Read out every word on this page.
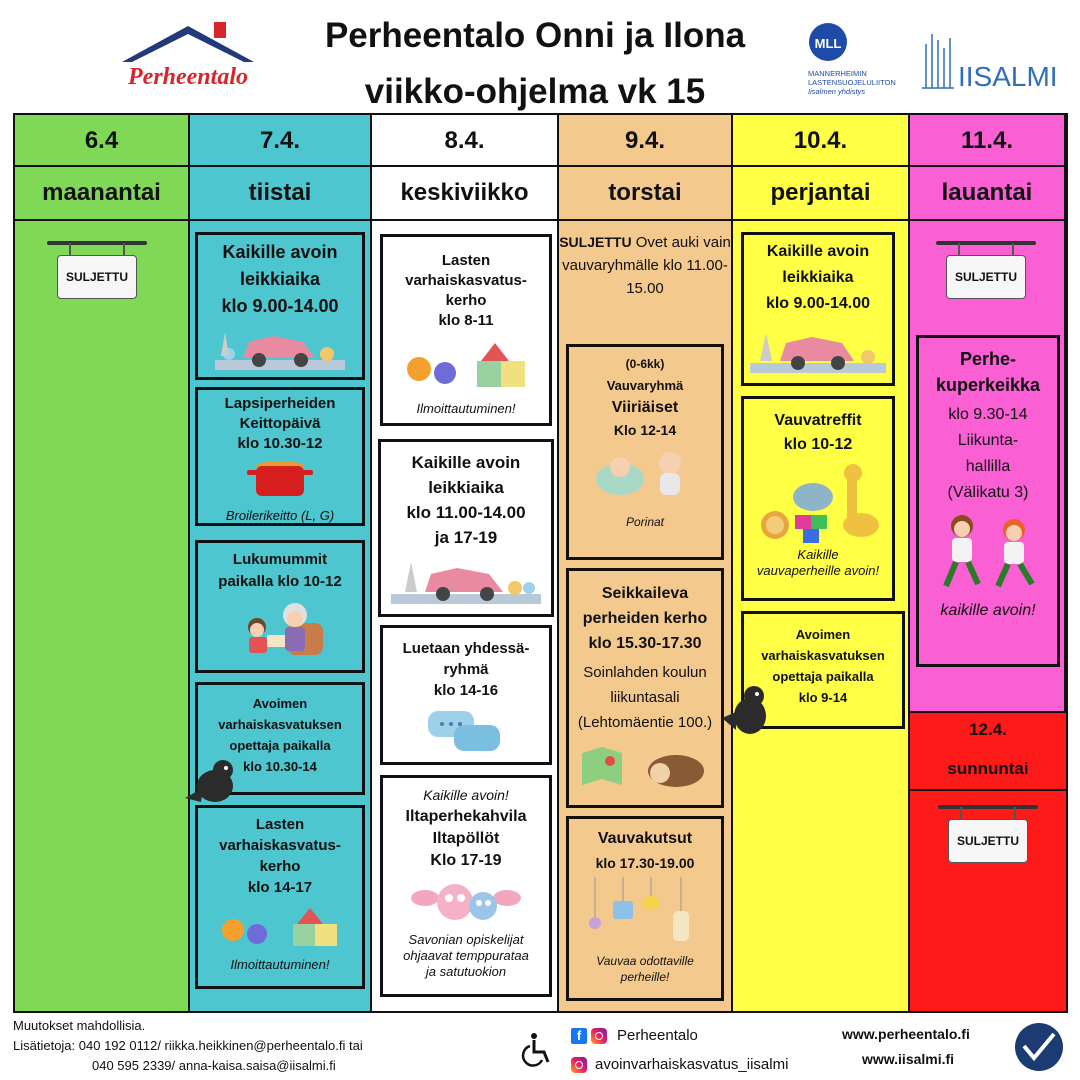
Perheentalo
Perheentalo Onni ja Ilona
viikko-ohjelma vk 15
MLL
MANNERHEIMIN
LASTENSUOJELULIITON
Iisalmen yhdistys	IISALMI
6.4
maanantai
SULJETTU
7.4.
tiistai
Kaikille avoin
leikkiaika
klo 9.00-14.00
Lapsiperheiden
Keittopäivä
klo 10.30-12
Broilerikeitto (L, G)
Lukumummit
paikalla klo 10-12
Avoimen
varhaiskasvatuksen
opettaja paikalla
klo 10.30-14
Lasten
varhaiskasvatus-
kerho
klo 14-17
Ilmoittautuminen!
8.4.
keskiviikko
Lasten
varhaiskasvatus-
kerho
klo 8-11
Ilmoittautuminen!
Kaikille avoin
leikkiaika
klo 11.00-14.00
ja 17-19
Luetaan yhdessä-
ryhmä
klo 14-16
Kaikille avoin!
Iltaperhekahvila
Iltapöllöt
Klo 17-19
Savonian opiskelijat
ohjaavat temppurataa
ja satutuokion
9.4.
torstai
SULJETTU Ovet auki vain vauvaryhmälle klo 11.00-15.00
(0-6kk)
Vauvaryhmä
Viiriäiset
Klo 12-14
Porinat
Seikkaileva
perheiden kerho
klo 15.30-17.30
Soinlahden koulun
liikuntasali
(Lehtomäentie 100.)
Vauvakutsut
klo 17.30-19.00
Vauvaa odottaville
perheille!
10.4.
perjantai
Kaikille avoin
leikkiaika
klo 9.00-14.00
Vauvatreffit
klo 10-12
Kaikille
vauvaperheille avoin!
Avoimen
varhaiskasvatuksen
opettaja paikalla
klo 9-14
11.4.
lauantai
SULJETTU
Perhe-
kuperkeikka
klo 9.30-14
Liikunta-
hallilla
(Välikatu 3)
kaikille avoin!
12.4.
sunnuntai
SULJETTU
Muutokset mahdollisia.
Lisätietoja: 040 192 0112/ riikka.heikkinen@perheentalo.fi tai
040 595 2339/ anna-kaisa.saisa@iisalmi.fi
f	Perheentalo
avoinvarhaiskasvatus_iisalmi
www.perheentalo.fi
www.iisalmi.fi
